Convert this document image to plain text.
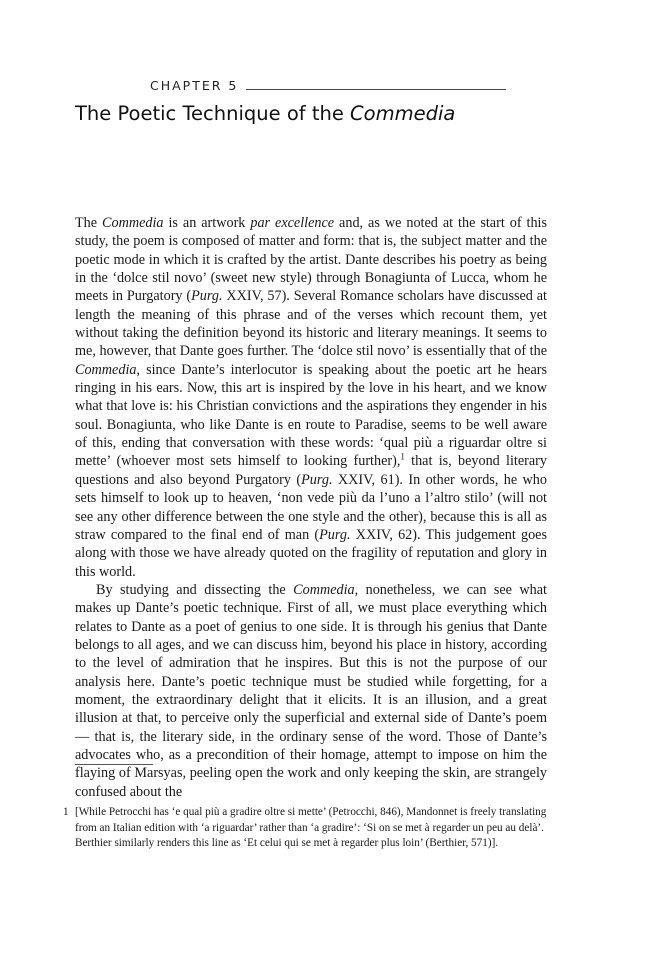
CHAPTER 5
The Poetic Technique of the Commedia

The Commedia is an artwork par excellence and, as we noted at the start of this study, the poem is composed of matter and form: that is, the subject matter and the poetic mode in which it is crafted by the artist. Dante describes his poetry as being in the ‘dolce stil novo’ (sweet new style) through Bonagiunta of Lucca, whom he meets in Purgatory (Purg. XXIV, 57). Several Romance scholars have discussed at length the meaning of this phrase and of the verses which recount them, yet without taking the definition beyond its historic and literary meanings. It seems to me, however, that Dante goes further. The ‘dolce stil novo’ is essentially that of the Commedia, since Dante’s interlocutor is speaking about the poetic art he hears ringing in his ears. Now, this art is inspired by the love in his heart, and we know what that love is: his Christian convictions and the aspirations they engender in his soul. Bonagiunta, who like Dante is en route to Paradise, seems to be well aware of this, ending that conversation with these words: ‘qual più a riguardar oltre si mette’ (whoever most sets himself to looking further),$^1$ that is, beyond literary questions and also beyond Purgatory (Purg. XXIV, 61). In other words, he who sets himself to look up to heaven, ‘non vede più da l’uno a l’altro stilo’ (will not see any other difference between the one style and the other), because this is all as straw compared to the final end of man (Purg. XXIV, 62). This judgement goes along with those we have already quoted on the fragility of reputation and glory in this world.

By studying and dissecting the Commedia, nonetheless, we can see what makes up Dante’s poetic technique. First of all, we must place everything which relates to Dante as a poet of genius to one side. It is through his genius that Dante belongs to all ages, and we can discuss him, beyond his place in history, according to the level of admiration that he inspires. But this is not the purpose of our analysis here. Dante’s poetic technique must be studied while forgetting, for a moment, the extraordinary delight that it elicits. It is an illusion, and a great illusion at that, to perceive only the superficial and external side of Dante’s poem — that is, the literary side, in the ordinary sense of the word. Those of Dante’s advocates who, as a precondition of their homage, attempt to impose on him the flaying of Marsyas, peeling open the work and only keeping the skin, are strangely confused about the

1 [While Petrocchi has ‘e qual più a gradire oltre si mette’ (Petrocchi, 846), Mandonnet is freely translating from an Italian edition with ‘a riguardar’ rather than ‘a gradire’: ‘Si on se met à regarder un peu au delà’. Berthier similarly renders this line as ‘Et celui qui se met à regarder plus loin’ (Berthier, 571)].
